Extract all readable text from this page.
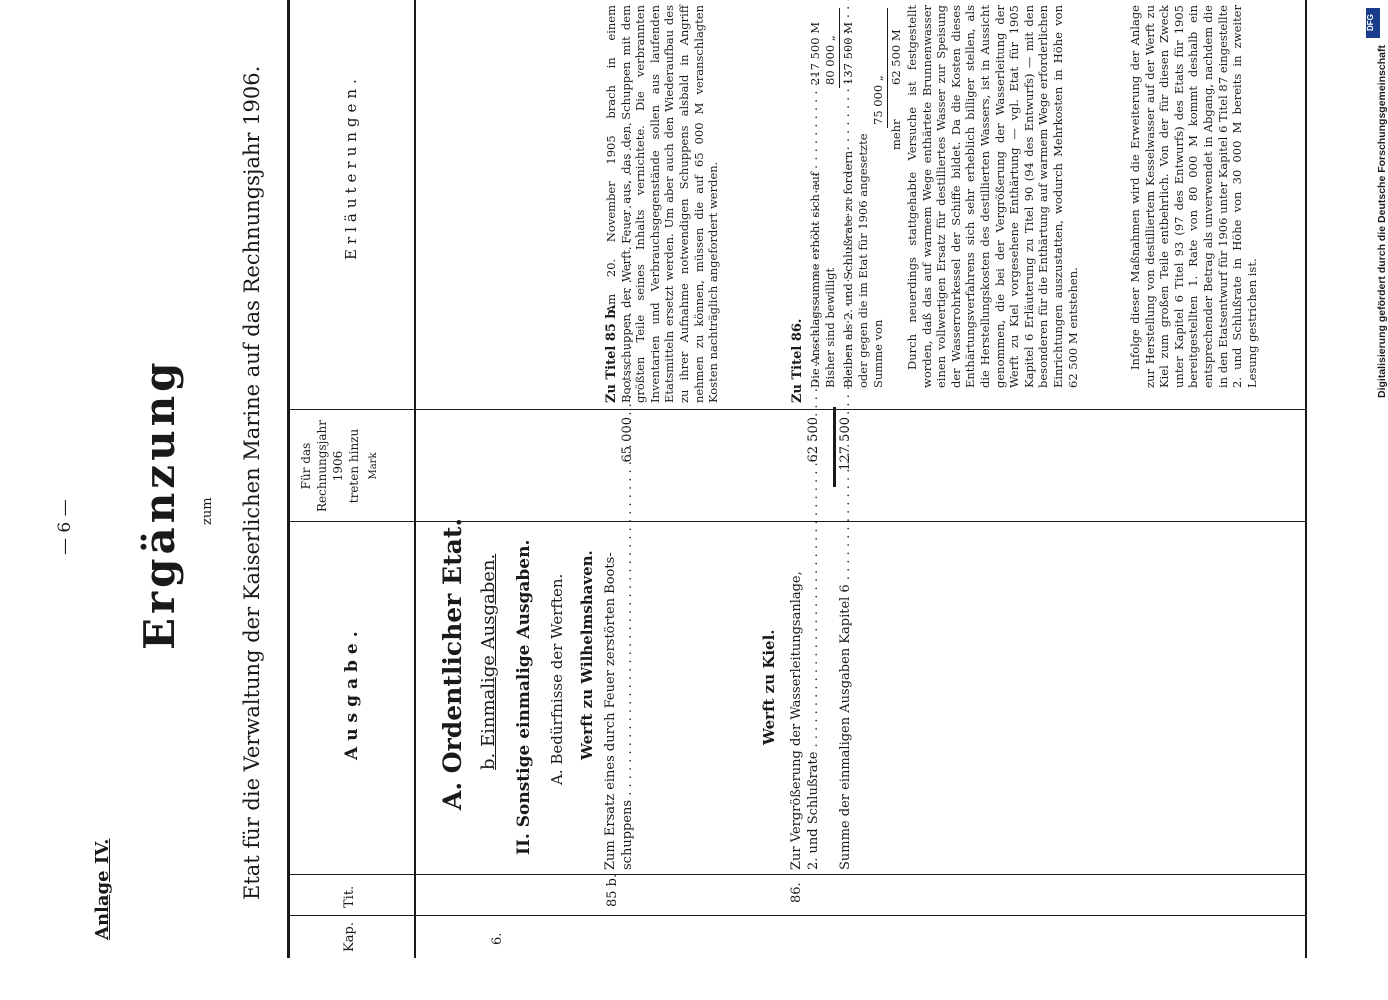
Anlage IV.
— 6 — Ergänzung zum Etat für die Verwaltung der Kaiserlichen Marine auf das Rechnungsjahr 1906.
Kap.
Tit.
Ausgabe.
Für das Rechnungsjahr 1906 treten hinzu Mark
Erläuterungen.
6.
A. Ordentlicher Etat. b. Einmalige Ausgaben. II. Sonstige einmalige Ausgaben. A. Bedürfnisse der Werften. Werft zu Wilhelmshaven.
85 b.
Zum Ersatz eines durch Feuer zerstörten Boots- schuppens . . .
65 000
Werft zu Kiel.
86.
Zur Vergrößerung der Wasserleitungsanlage, 2. und Schlußrate . . .
62 500
Summe der einmaligen Ausgaben Kapitel 6 . . .
127 500
Zu Titel 85 b.
Am 20. November 1905 brach in einem Bootsschuppen der Werft Feuer aus, das den Schuppen mit dem größten Teile seines Inhalts vernichtete. Die verbrannten Inventarien und Verbrauchsgegenstände sollen aus laufenden Etatsmitteln ersetzt werden. Um aber auch den Wiederaufbau des zu ihrer Aufnahme notwendigen Schuppens alsbald in Angriff nehmen zu können, müssen die auf 65 000 M veranschlagten Kosten nachträglich angefordert werden.	Zu Titel 86. Die Anschlagssumme erhöht sich auf
217 500 M
Bisher sind bewilligt
80 000 „
Bleiben als 2. und Schlußrate zu fordern
137 500 M
oder gegen die im Etat für 1906 angesetzte Summe von
75 000 „
mehr
62 500 M Durch neuerdings stattgehabte Versuche ist festgestellt worden, daß das auf warmem Wege enthärtete Brunnenwasser einen vollwertigen Ersatz für destilliertes Wasser zur Speisung der Wasserrohrkessel der Schiffe bildet. Da die Kosten dieses Enthärtungsverfahrens sich sehr erheblich billiger stellen, als die Herstellungskosten des destillierten Wassers, ist in Aussicht genommen, die bei der Vergrößerung der Wasserleitung der Werft zu Kiel vorgesehene Enthärtung — vgl. Etat für 1905 Kapitel 6 Erläuterung zu Titel 90 (94 des Entwurfs) — mit den besonderen für die Enthärtung auf warmem Wege erforderlichen Einrichtungen auszustatten, wodurch Mehrkosten in Höhe von 62 500 M entstehen.	Infolge dieser Maßnahmen wird die Erweiterung der Anlage zur Herstellung von destilliertem Kesselwasser auf der Werft zu Kiel zum großen Teile entbehrlich. Von der für diesen Zweck unter Kapitel 6 Titel 93 (97 des Entwurfs) des Etats für 1905 bereitgestellten 1. Rate von 80 000 M kommt deshalb ein entsprechender Betrag als unverwendet in Abgang, nachdem die in den Etatsentwurf für 1906 unter Kapitel 6 Titel 87 eingestellte 2. und Schlußrate in Höhe von 30 000 M bereits in zweiter Lesung gestrichen ist.
DFG
Digitalisierung gefördert durch die Deutsche Forschungsgemeinschaft
